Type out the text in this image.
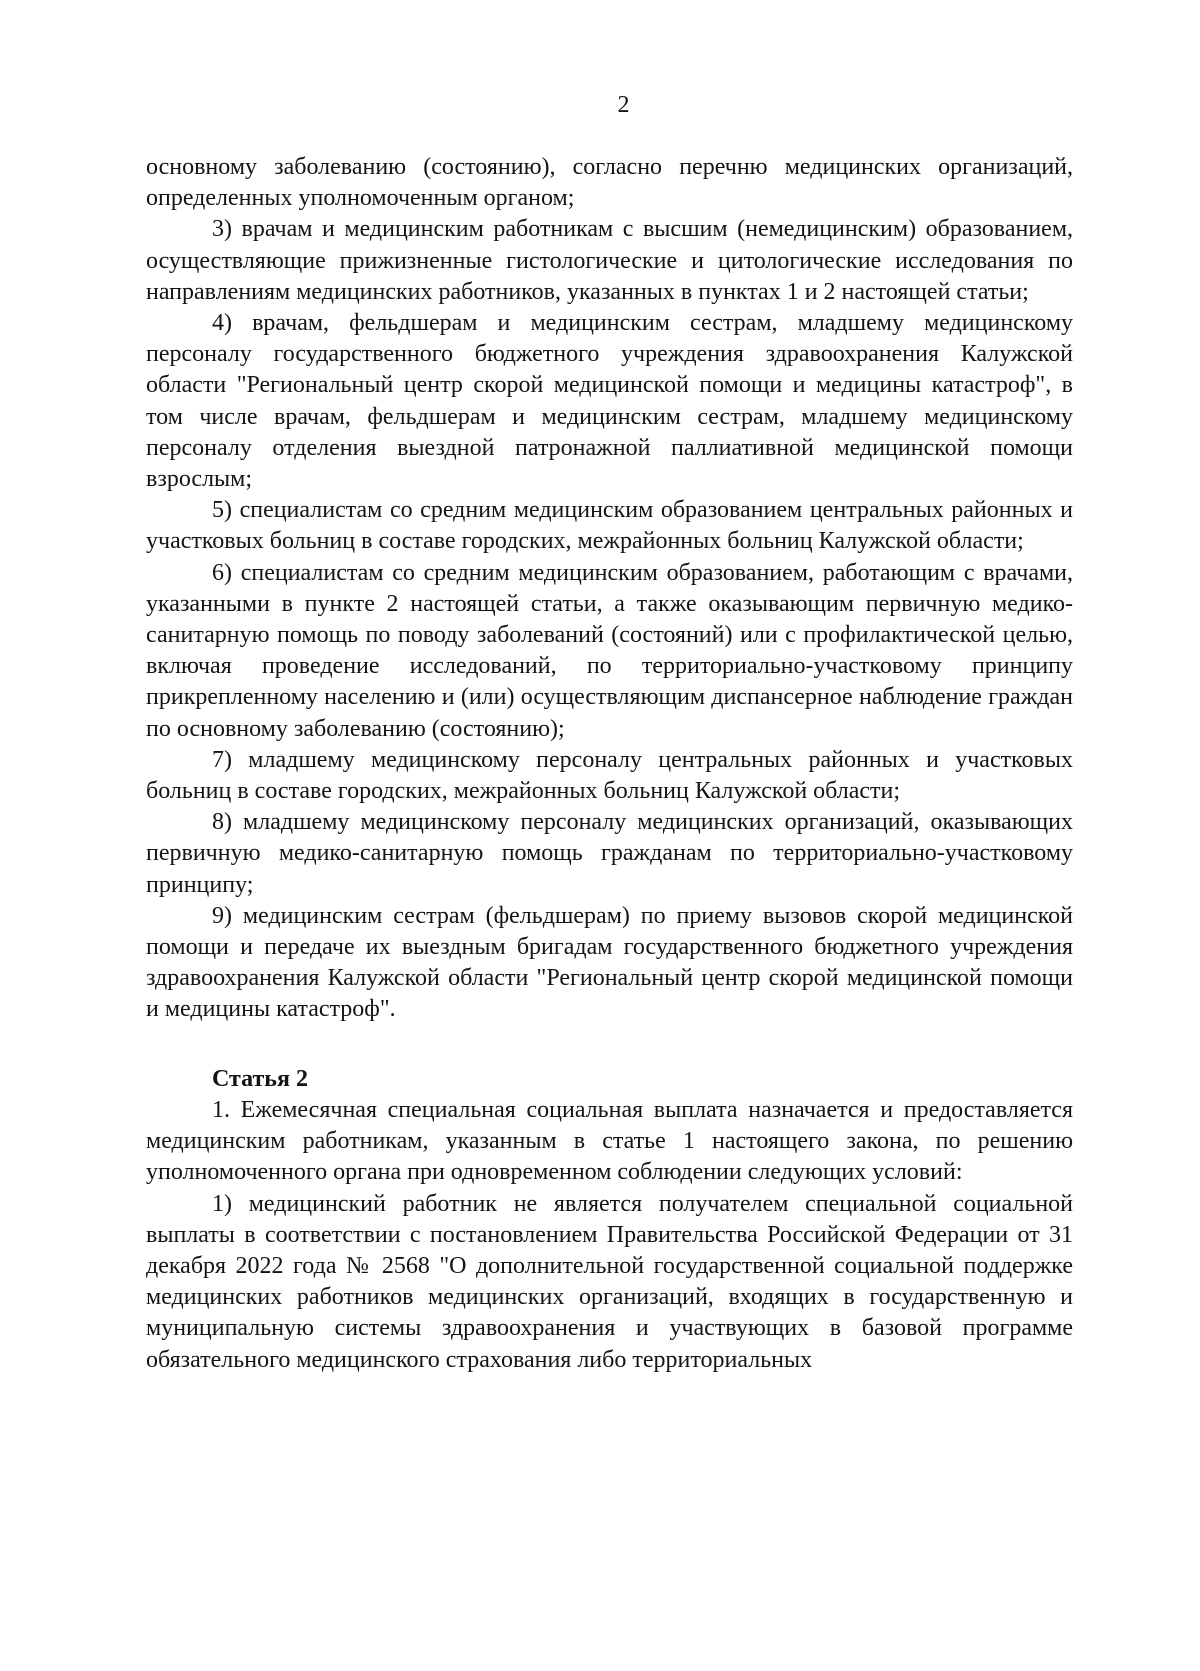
2

основному заболеванию (состоянию), согласно перечню медицинских организаций, определенных уполномоченным органом;

3) врачам и медицинским работникам с высшим (немедицинским) образованием, осуществляющие прижизненные гистологические и цитологические исследования по направлениям медицинских работников, указанных в пунктах 1 и 2 настоящей статьи;

4) врачам, фельдшерам и медицинским сестрам, младшему медицинскому персоналу государственного бюджетного учреждения здравоохранения Калужской области "Региональный центр скорой медицинской помощи и медицины катастроф", в том числе врачам, фельдшерам и медицинским сестрам, младшему медицинскому персоналу отделения выездной патронажной паллиативной медицинской помощи взрослым;

5) специалистам со средним медицинским образованием центральных районных и участковых больниц в составе городских, межрайонных больниц Калужской области;

6) специалистам со средним медицинским образованием, работающим с врачами, указанными в пункте 2 настоящей статьи, а также оказывающим первичную медико-санитарную помощь по поводу заболеваний (состояний) или с профилактической целью, включая проведение исследований, по территориально-участковому принципу прикрепленному населению и (или) осуществляющим диспансерное наблюдение граждан по основному заболеванию (состоянию);

7) младшему медицинскому персоналу центральных районных и участковых больниц в составе городских, межрайонных больниц Калужской области;

8) младшему медицинскому персоналу медицинских организаций, оказывающих первичную медико-санитарную помощь гражданам по территориально-участковому принципу;

9) медицинским сестрам (фельдшерам) по приему вызовов скорой медицинской помощи и передаче их выездным бригадам государственного бюджетного учреждения здравоохранения Калужской области "Региональный центр скорой медицинской помощи и медицины катастроф".

Статья 2

1. Ежемесячная специальная социальная выплата назначается и предоставляется медицинским работникам, указанным в статье 1 настоящего закона, по решению уполномоченного органа при одновременном соблюдении следующих условий:

1) медицинский работник не является получателем специальной социальной выплаты в соответствии с постановлением Правительства Российской Федерации от 31 декабря 2022 года № 2568 "О дополнительной государственной социальной поддержке медицинских работников медицинских организаций, входящих в государственную и муниципальную системы здравоохранения и участвующих в базовой программе обязательного медицинского страхования либо территориальных
